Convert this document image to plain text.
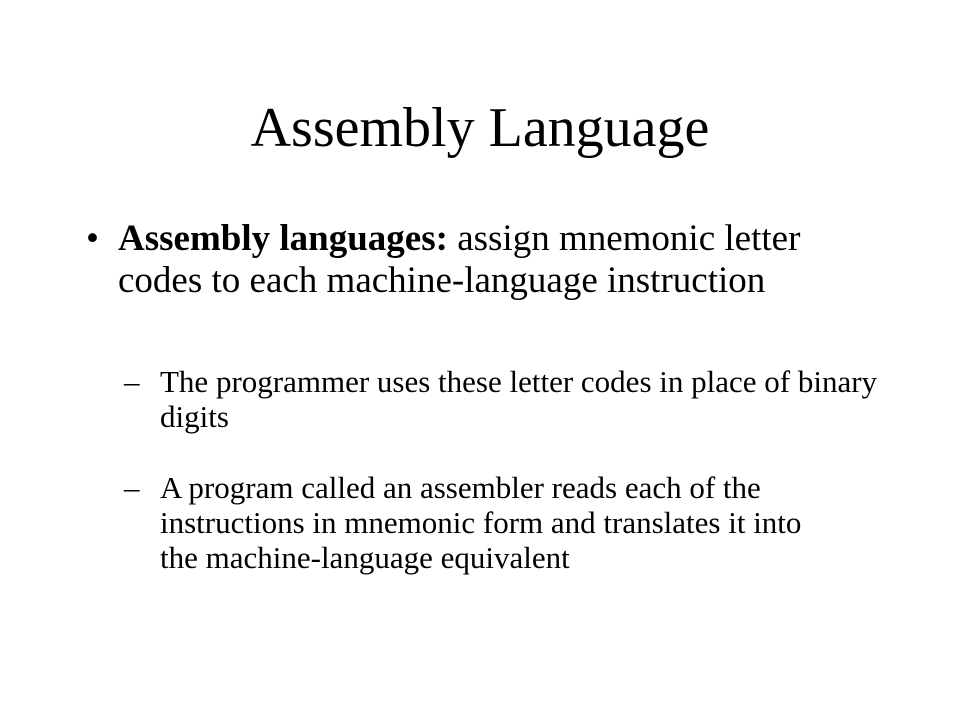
Assembly Language
• Assembly languages: assign mnemonic letter codes to each machine-language instruction
– The programmer uses these letter codes in place of binary digits
– A program called an assembler reads each of the instructions in mnemonic form and translates it into the machine-language equivalent
